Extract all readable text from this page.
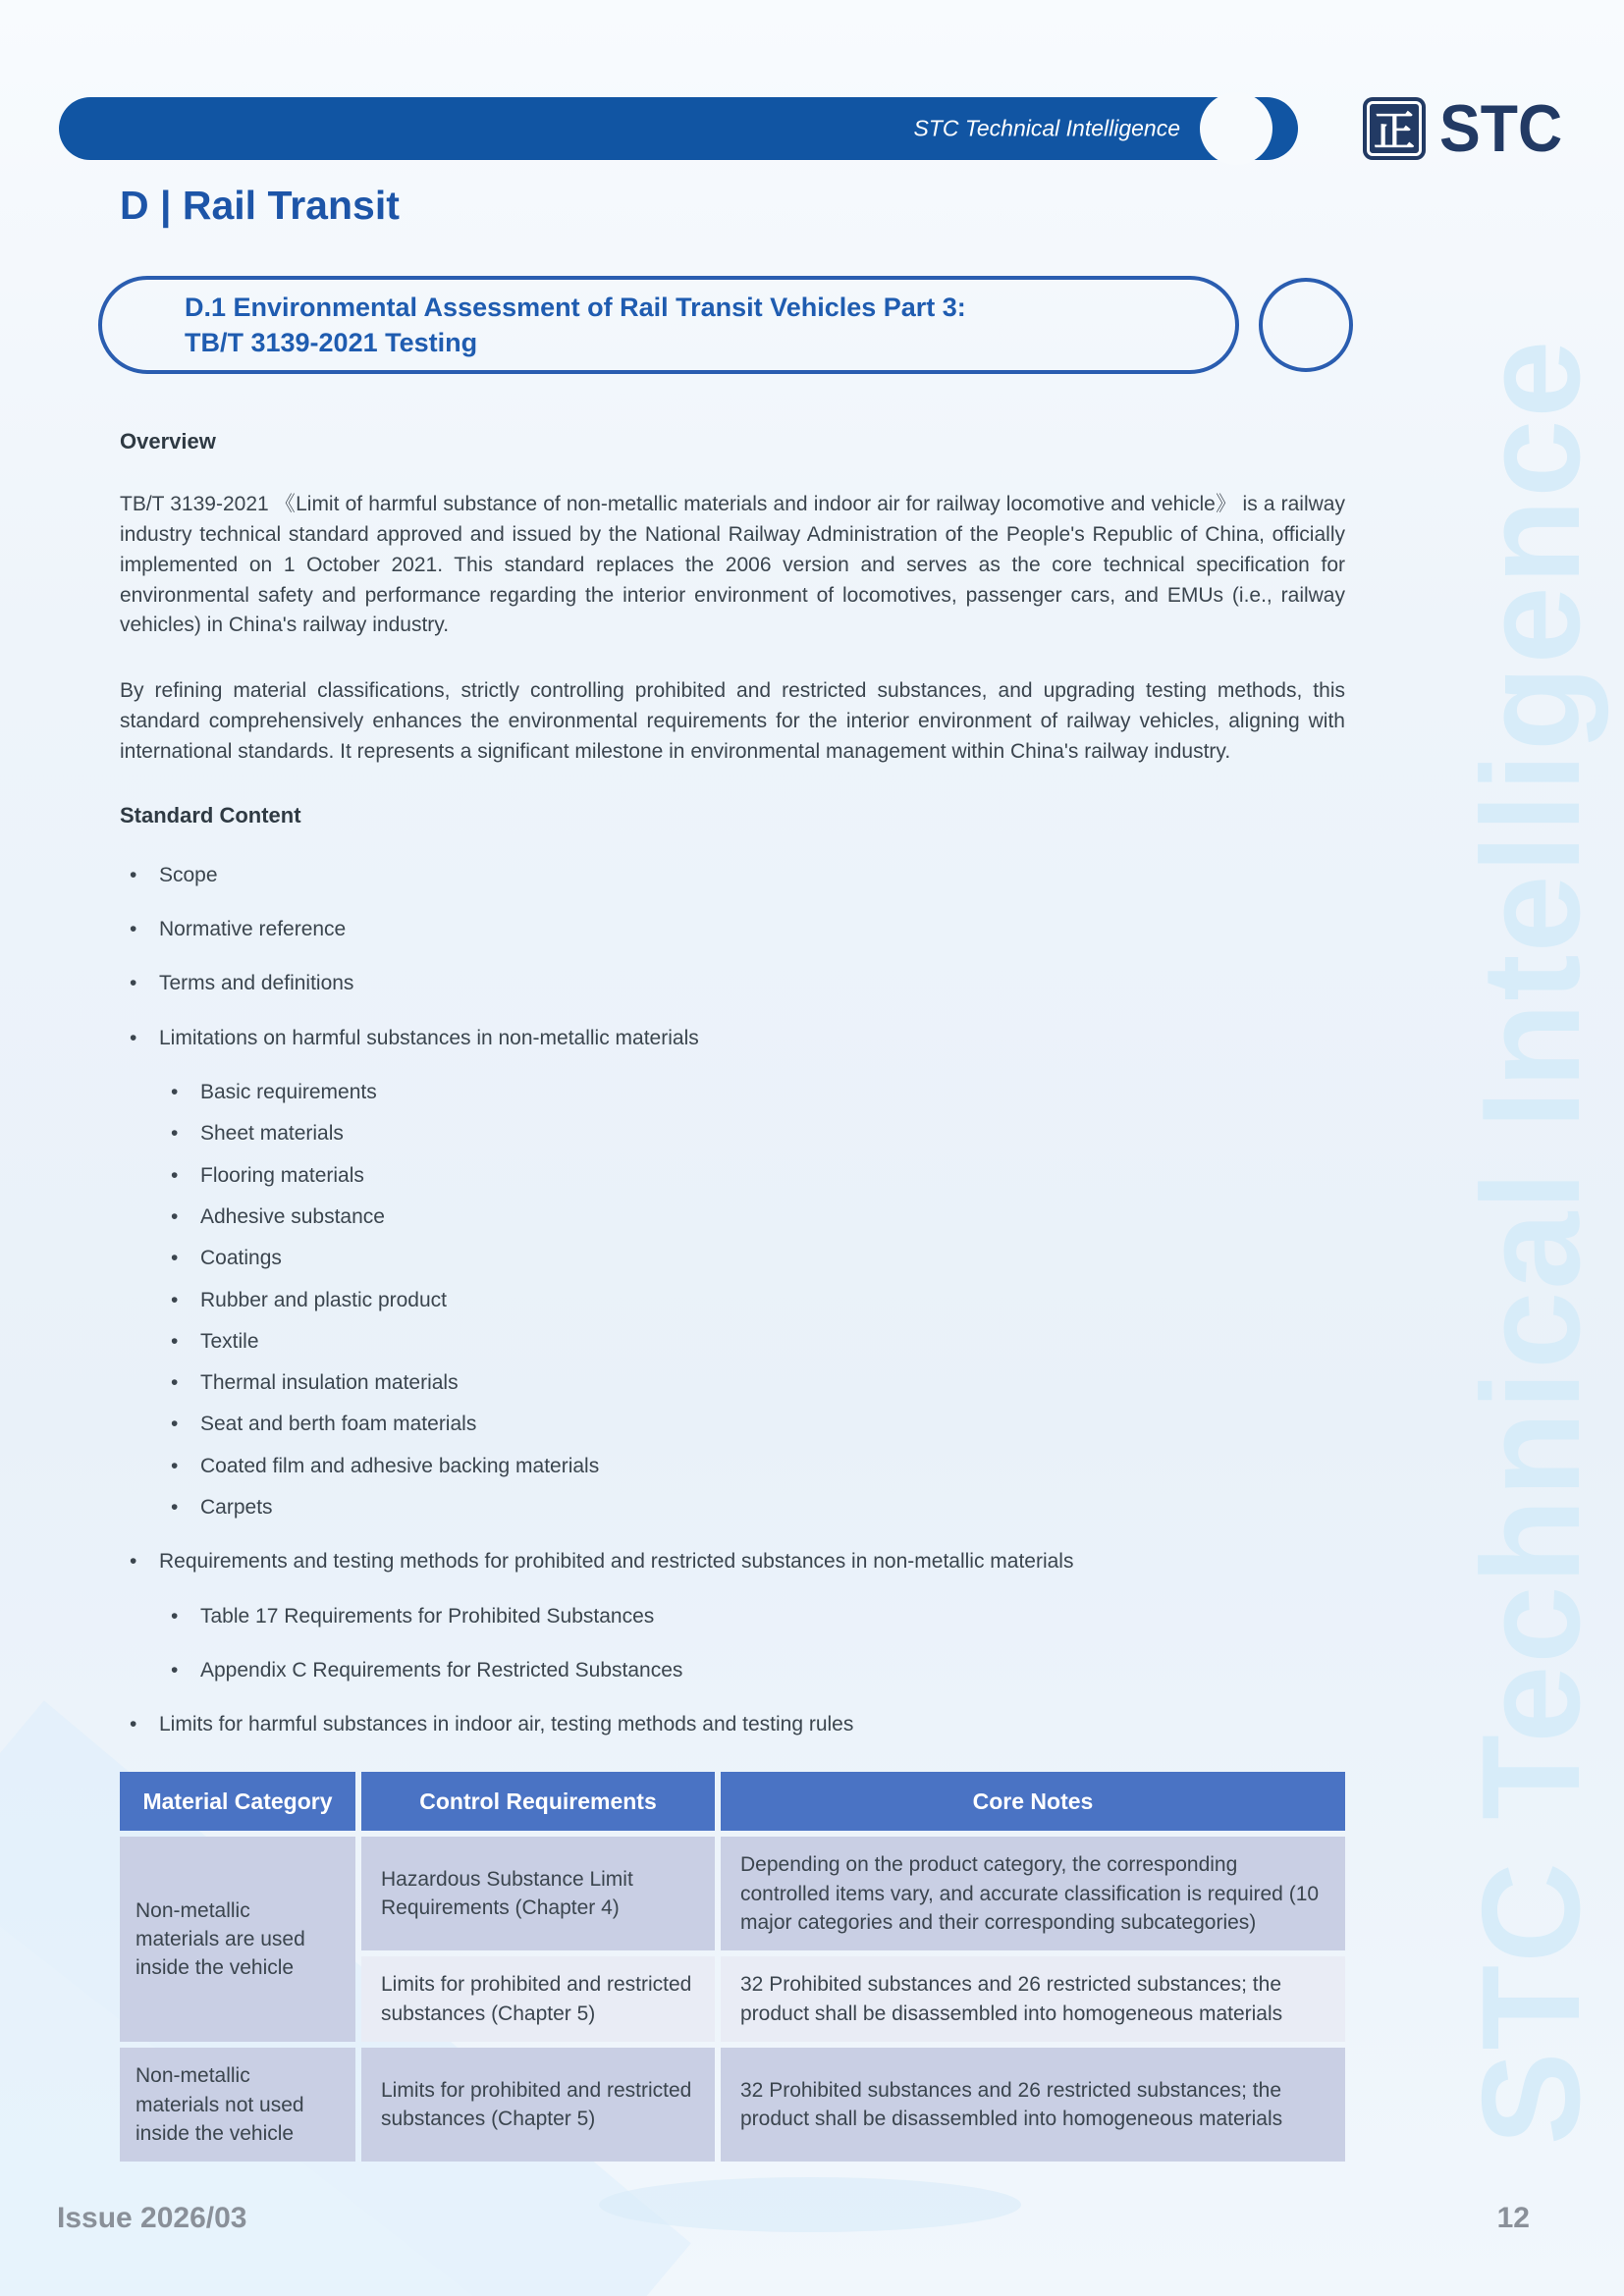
STC Technical Intelligence
STC Technical Intelligence	正 STC
D | Rail Transit
D.1 Environmental Assessment of Rail Transit Vehicles Part 3:
TB/T 3139-2021 Testing
Overview

TB/T 3139-2021 《Limit of harmful substance of non-metallic materials and indoor air for railway locomotive and vehicle》 is a railway industry technical standard approved and issued by the National Railway Administration of the People's Republic of China, officially implemented on 1 October 2021. This standard replaces the 2006 version and serves as the core technical specification for environmental safety and performance regarding the interior environment of locomotives, passenger cars, and EMUs (i.e., railway vehicles) in China's railway industry.

By refining material classifications, strictly controlling prohibited and restricted substances, and upgrading testing methods, this standard comprehensively enhances the environmental requirements for the interior environment of railway vehicles, aligning with international standards. It represents a significant milestone in environmental management within China's railway industry.

Standard Content
•	Scope
•	Normative reference
•	Terms and definitions
•	Limitations on harmful substances in non-metallic materials
•	Basic requirements
•	Sheet materials
•	Flooring materials
•	Adhesive substance
•	Coatings
•	Rubber and plastic product
•	Textile
•	Thermal insulation materials
•	Seat and berth foam materials
•	Coated film and adhesive backing materials
•	Carpets
•	Requirements and testing methods for prohibited and restricted substances in non-metallic materials
•	Table 17 Requirements for Prohibited Substances
•	Appendix C Requirements for Restricted Substances
•	Limits for harmful substances in indoor air, testing methods and testing rules
Material Category	Control Requirements	Core Notes
Non-metallic materials are used inside the vehicle	Hazardous Substance Limit Requirements (Chapter 4)	Depending on the product category, the corresponding controlled items vary, and accurate classification is required (10 major categories and their corresponding subcategories)
	Limits for prohibited and restricted substances (Chapter 5)	32 Prohibited substances and 26 restricted substances; the product shall be disassembled into homogeneous materials
Non-metallic materials not used inside the vehicle	Limits for prohibited and restricted substances (Chapter 5)	32 Prohibited substances and 26 restricted substances; the product shall be disassembled into homogeneous materials
Issue 2026/03	12
